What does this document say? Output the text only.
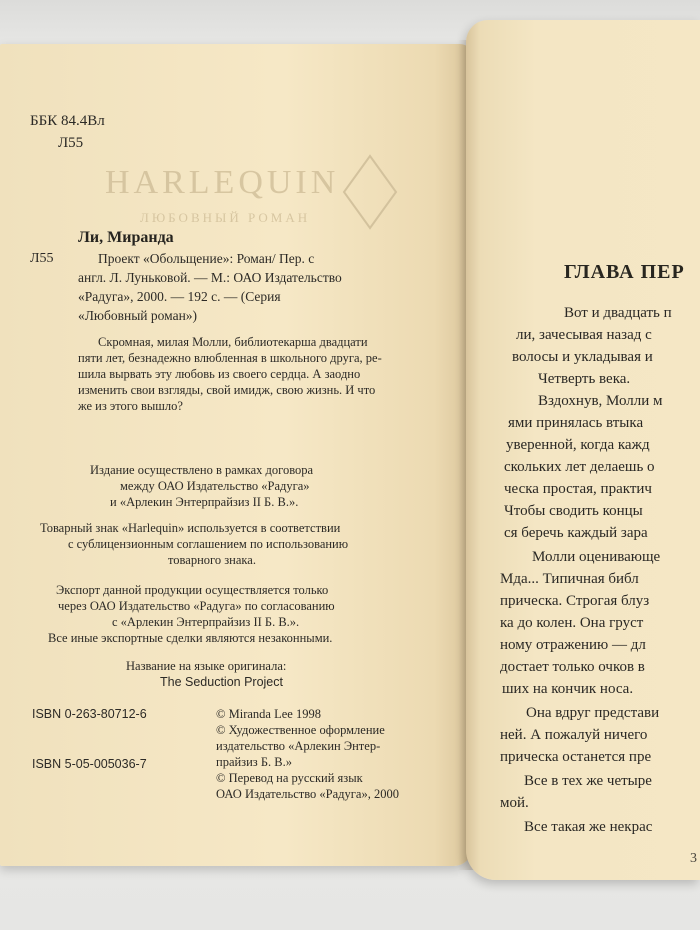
HARLEQUIN
ЛЮБОВНЫЙ РОМАН
ББК 84.4Вл
Л55
Ли, Миранда
Л55	Проект «Обольщение»: Роман/ Пер. с
англ. Л. Луньковой. — М.: ОАО Издательство
«Радуга», 2000. — 192 с. — (Серия
«Любовный роман»)
Скромная, милая Молли, библиотекарша двадцати
пяти лет, безнадежно влюбленная в школьного друга, ре-
шила вырвать эту любовь из своего сердца. А заодно
изменить свои взгляды, свой имидж, свою жизнь. И что
же из этого вышло?
Издание осуществлено в рамках договора
между ОАО Издательство «Радуга»
и «Арлекин Энтерпрайзиз II Б. В.».
Товарный знак «Harlequin» используется в соответствии
с сублицензионным соглашением по использованию
товарного знака.
Экспорт данной продукции осуществляется только
через ОАО Издательство «Радуга» по согласованию
с «Арлекин Энтерпрайзиз II Б. В.».
Все иные экспортные сделки являются незаконными.
Название на языке оригинала:
The Seduction Project
ISBN 0-263-80712-6
ISBN 5-05-005036-7
© Miranda Lee 1998
© Художественное оформление
издательство «Арлекин Энтер-
прайзиз Б. В.»
© Перевод на русский язык
ОАО Издательство «Радуга», 2000
ГЛАВА ПЕР
Вот и двадцать п
ли, зачесывая назад с
волосы и укладывая и
Четверть века.
Вздохнув, Молли м
ями принялась втыка
уверенной, когда кажд
скольких лет делаешь о
ческа простая, практич
Чтобы сводить концы
ся беречь каждый зара
Молли оценивающе
Мда... Типичная библ
прическа. Строгая блуз
ка до колен. Она груст
ному отражению — дл
достает только очков в
ших на кончик носа.
Она вдруг представи
ней. А пожалуй ничего
прическа останется пре
Все в тех же четыре
мой.
Все такая же некрас
3
